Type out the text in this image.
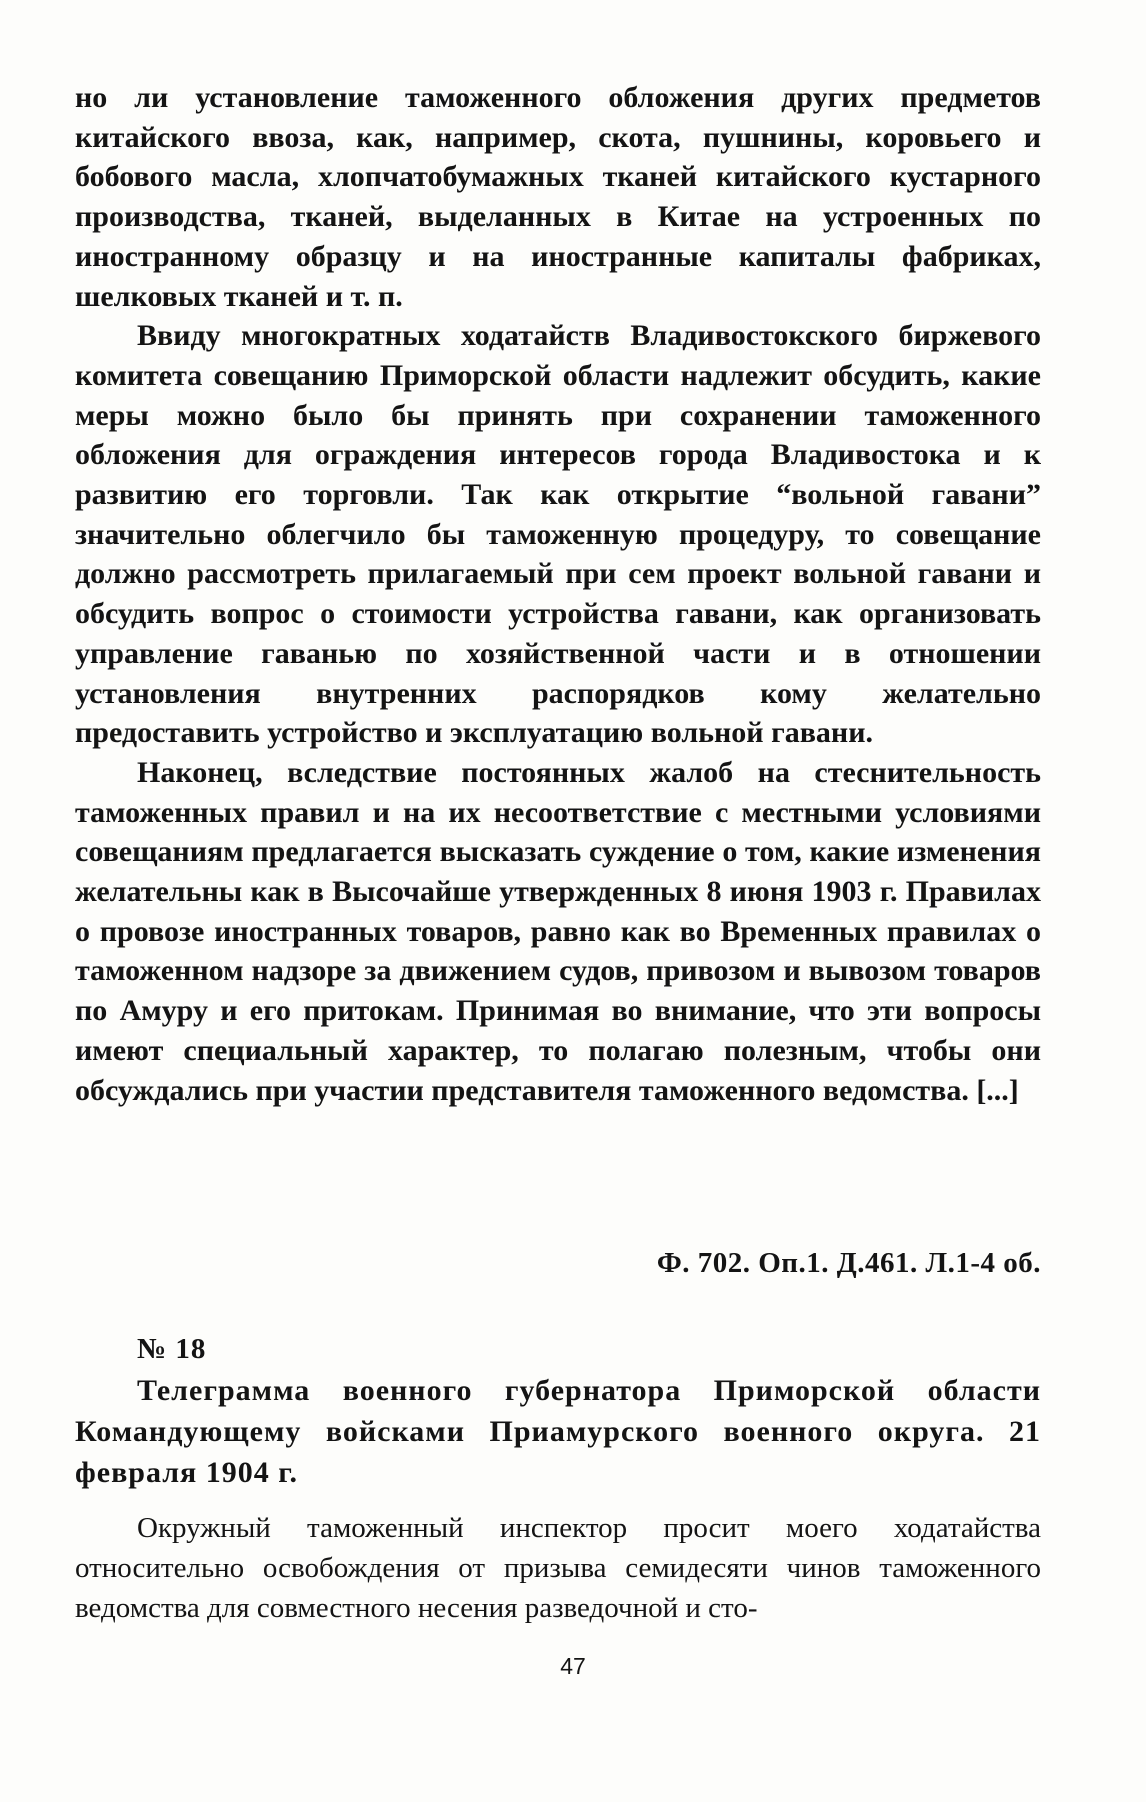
но ли установление таможенного обложения других предметов китайского ввоза, как, например, скота, пушнины, коровьего и бобового масла, хлопчатобумажных тканей китайского кустарного производства, тканей, выделанных в Китае на устроенных по иностранному образцу и на иностранные капиталы фабриках, шелковых тканей и т. п.

Ввиду многократных ходатайств Владивостокского биржевого комитета совещанию Приморской области надлежит обсудить, какие меры можно было бы принять при сохранении таможенного обложения для ограждения интересов города Владивостока и к развитию его торговли. Так как открытие “вольной гавани” значительно облегчило бы таможенную процедуру, то совещание должно рассмотреть прилагаемый при сем проект вольной гавани и обсудить вопрос о стоимости устройства гавани, как организовать управление гаванью по хозяйственной части и в отношении установления внутренних распорядков кому желательно предоставить устройство и эксплуатацию вольной гавани.

Наконец, вследствие постоянных жалоб на стеснительность таможенных правил и на их несоответствие с местными условиями совещаниям предлагается высказать суждение о том, какие изменения желательны как в Высочайше утвержденных 8 июня 1903 г. Правилах о провозе иностранных товаров, равно как во Временных правилах о таможенном надзоре за движением судов, привозом и вывозом товаров по Амуру и его притокам. Принимая во внимание, что эти вопросы имеют специальный характер, то полагаю полезным, чтобы они обсуждались при участии представителя таможенного ведомства. [...]

Ф. 702. Оп.1. Д.461. Л.1-4 об.
№ 18

Телеграмма военного губернатора Приморской области Командующему войсками Приамурского военного округа. 21 февраля 1904 г.

Окружный таможенный инспектор просит моего ходатайства относительно освобождения от призыва семидесяти чинов таможенного ведомства для совместного несения разведочной и сто-

47
